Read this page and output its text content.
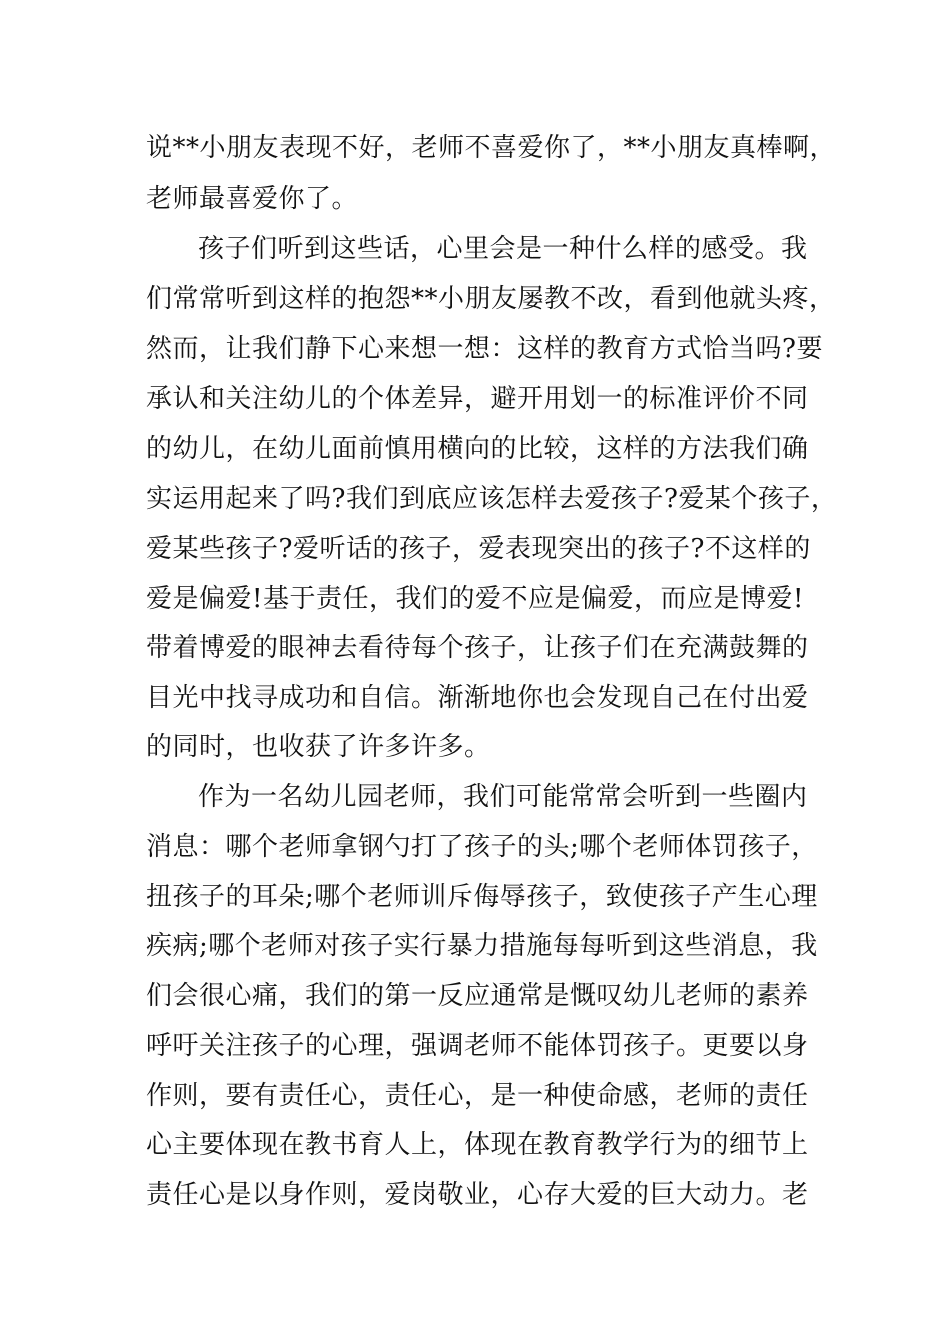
说**小朋友表现不好，老师不喜爱你了，**小朋友真棒啊，
老师最喜爱你了。
孩子们听到这些话，心里会是一种什么样的感受。我
们常常听到这样的抱怨**小朋友屡教不改，看到他就头疼，
然而，让我们静下心来想一想：这样的教育方式恰当吗?要
承认和关注幼儿的个体差异，避开用划一的标准评价不同
的幼儿，在幼儿面前慎用横向的比较，这样的方法我们确
实运用起来了吗?我们到底应该怎样去爱孩子?爱某个孩子，
爱某些孩子?爱听话的孩子，爱表现突出的孩子?不这样的
爱是偏爱!基于责任，我们的爱不应是偏爱，而应是博爱!
带着博爱的眼神去看待每个孩子，让孩子们在充满鼓舞的
目光中找寻成功和自信。渐渐地你也会发现自己在付出爱
的同时，也收获了许多许多。
作为一名幼儿园老师，我们可能常常会听到一些圈内
消息：哪个老师拿钢勺打了孩子的头;哪个老师体罚孩子，
扭孩子的耳朵;哪个老师训斥侮辱孩子，致使孩子产生心理
疾病;哪个老师对孩子实行暴力措施每每听到这些消息，我
们会很心痛，我们的第一反应通常是慨叹幼儿老师的素养
呼吁关注孩子的心理，强调老师不能体罚孩子。更要以身
作则，要有责任心，责任心，是一种使命感，老师的责任
心主要体现在教书育人上，体现在教育教学行为的细节上
责任心是以身作则，爱岗敬业，心存大爱的巨大动力。老
